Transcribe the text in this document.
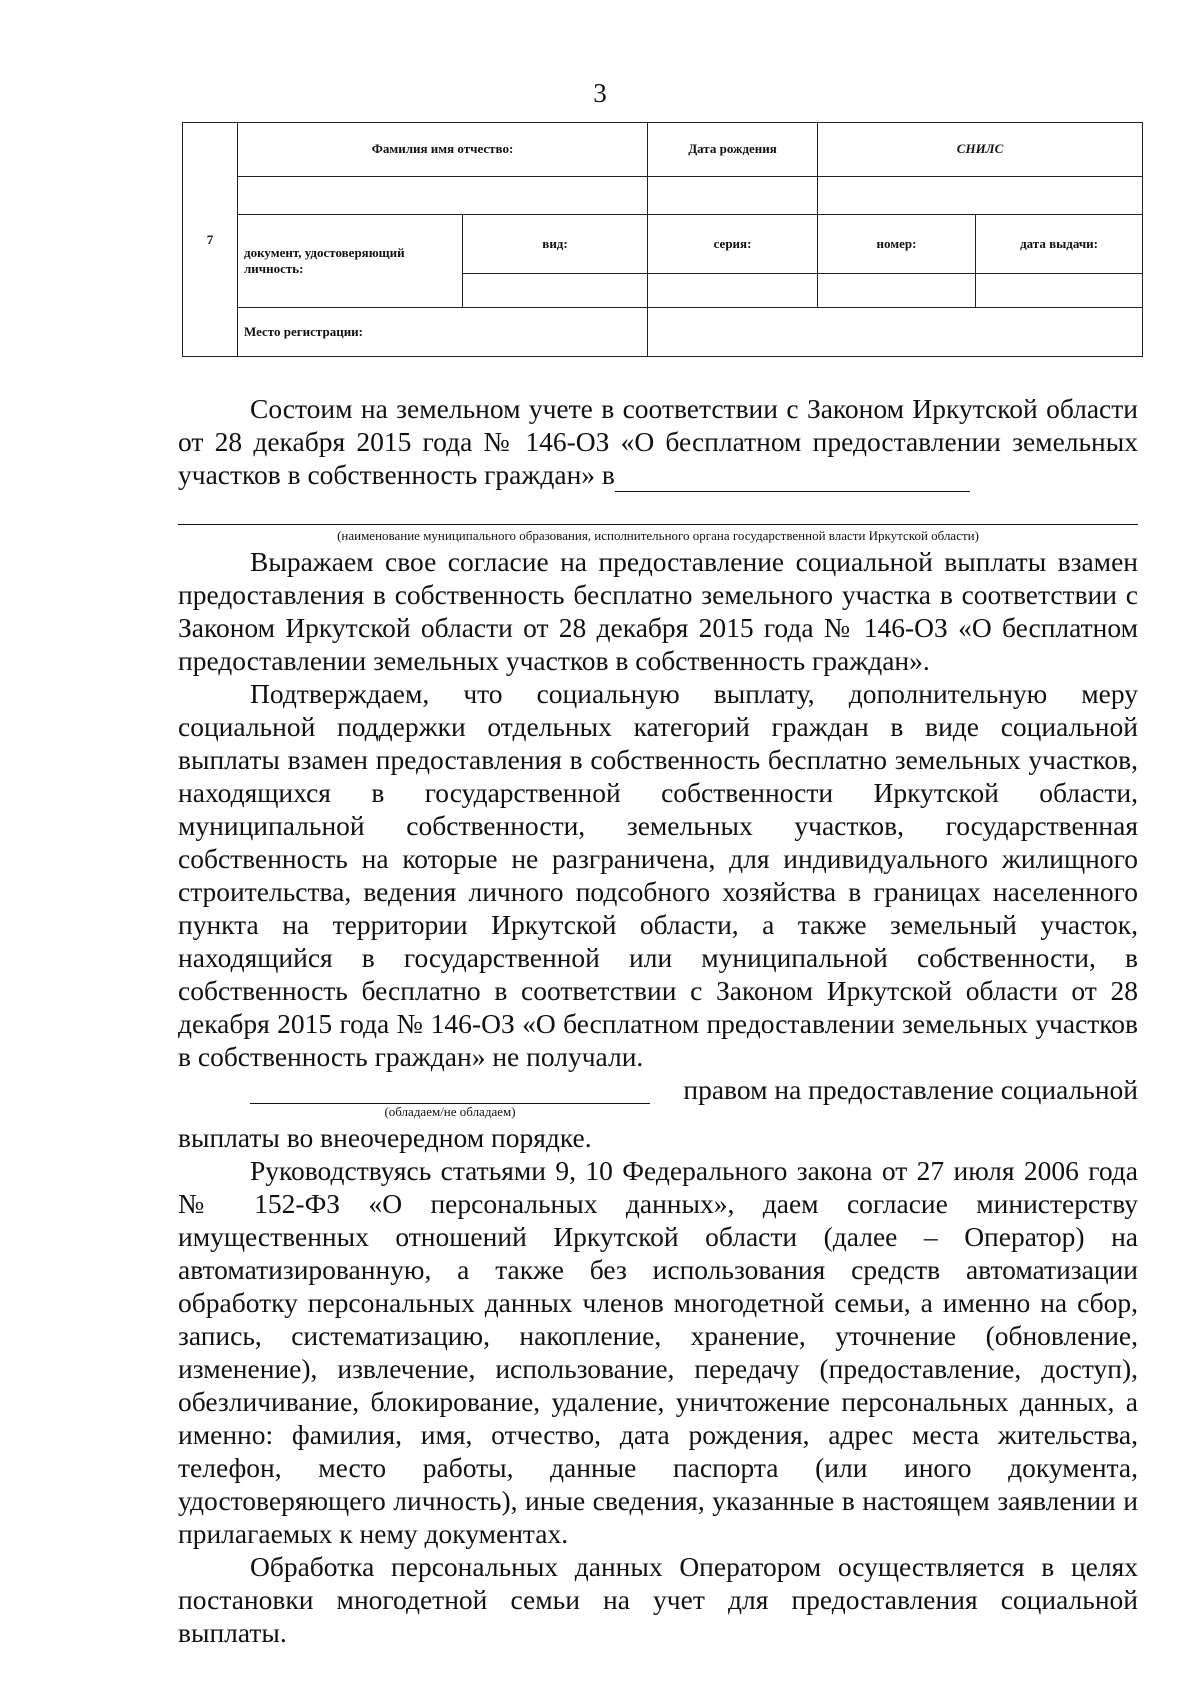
3
7	Фамилия имя отчество:		Дата рождения	СНИЛС	

	документ, удостоверяющий личность:	вид:	серия:	номер:	дата выдачи:

	Место регистрации:				

Состоим на земельном учете в соответствии с Законом Иркутской области от 28 декабря 2015 года № 146-ОЗ «О бесплатном предоставлении земельных участков в собственность граждан» в

(наименование муниципального образования, исполнительного органа государственной власти Иркутской области)

Выражаем свое согласие на предоставление социальной выплаты взамен предоставления в собственность бесплатно земельного участка в соответствии с Законом Иркутской области от 28 декабря 2015 года № 146-ОЗ «О бесплатном предоставлении земельных участков в собственность граждан».

Подтверждаем, что социальную выплату, дополнительную меру социальной поддержки отдельных категорий граждан в виде социальной выплаты взамен предоставления в собственность бесплатно земельных участков, находящихся в государственной собственности Иркутской области, муниципальной собственности, земельных участков, государственная собственность на которые не разграничена, для индивидуального жилищного строительства, ведения личного подсобного хозяйства в границах населенного пункта на территории Иркутской области, а также земельный участок, находящийся в государственной или муниципальной собственности, в собственность бесплатно в соответствии с Законом Иркутской области от 28 декабря 2015 года № 146-ОЗ «О бесплатном предоставлении земельных участков в собственность граждан» не получали.

правом на предоставление социальной
(обладаем/не обладаем)

выплаты во внеочередном порядке.

Руководствуясь статьями 9, 10 Федерального закона от 27 июля 2006 года № 152-ФЗ «О персональных данных», даем согласие министерству имущественных отношений Иркутской области (далее – Оператор) на автоматизированную, а также без использования средств автоматизации обработку персональных данных членов многодетной семьи, а именно на сбор, запись, систематизацию, накопление, хранение, уточнение (обновление, изменение), извлечение, использование, передачу (предоставление, доступ), обезличивание, блокирование, удаление, уничтожение персональных данных, а именно: фамилия, имя, отчество, дата рождения, адрес места жительства, телефон, место работы, данные паспорта (или иного документа, удостоверяющего личность), иные сведения, указанные в настоящем заявлении и прилагаемых к нему документах.

Обработка персональных данных Оператором осуществляется в целях постановки многодетной семьи на учет для предоставления социальной выплаты.
